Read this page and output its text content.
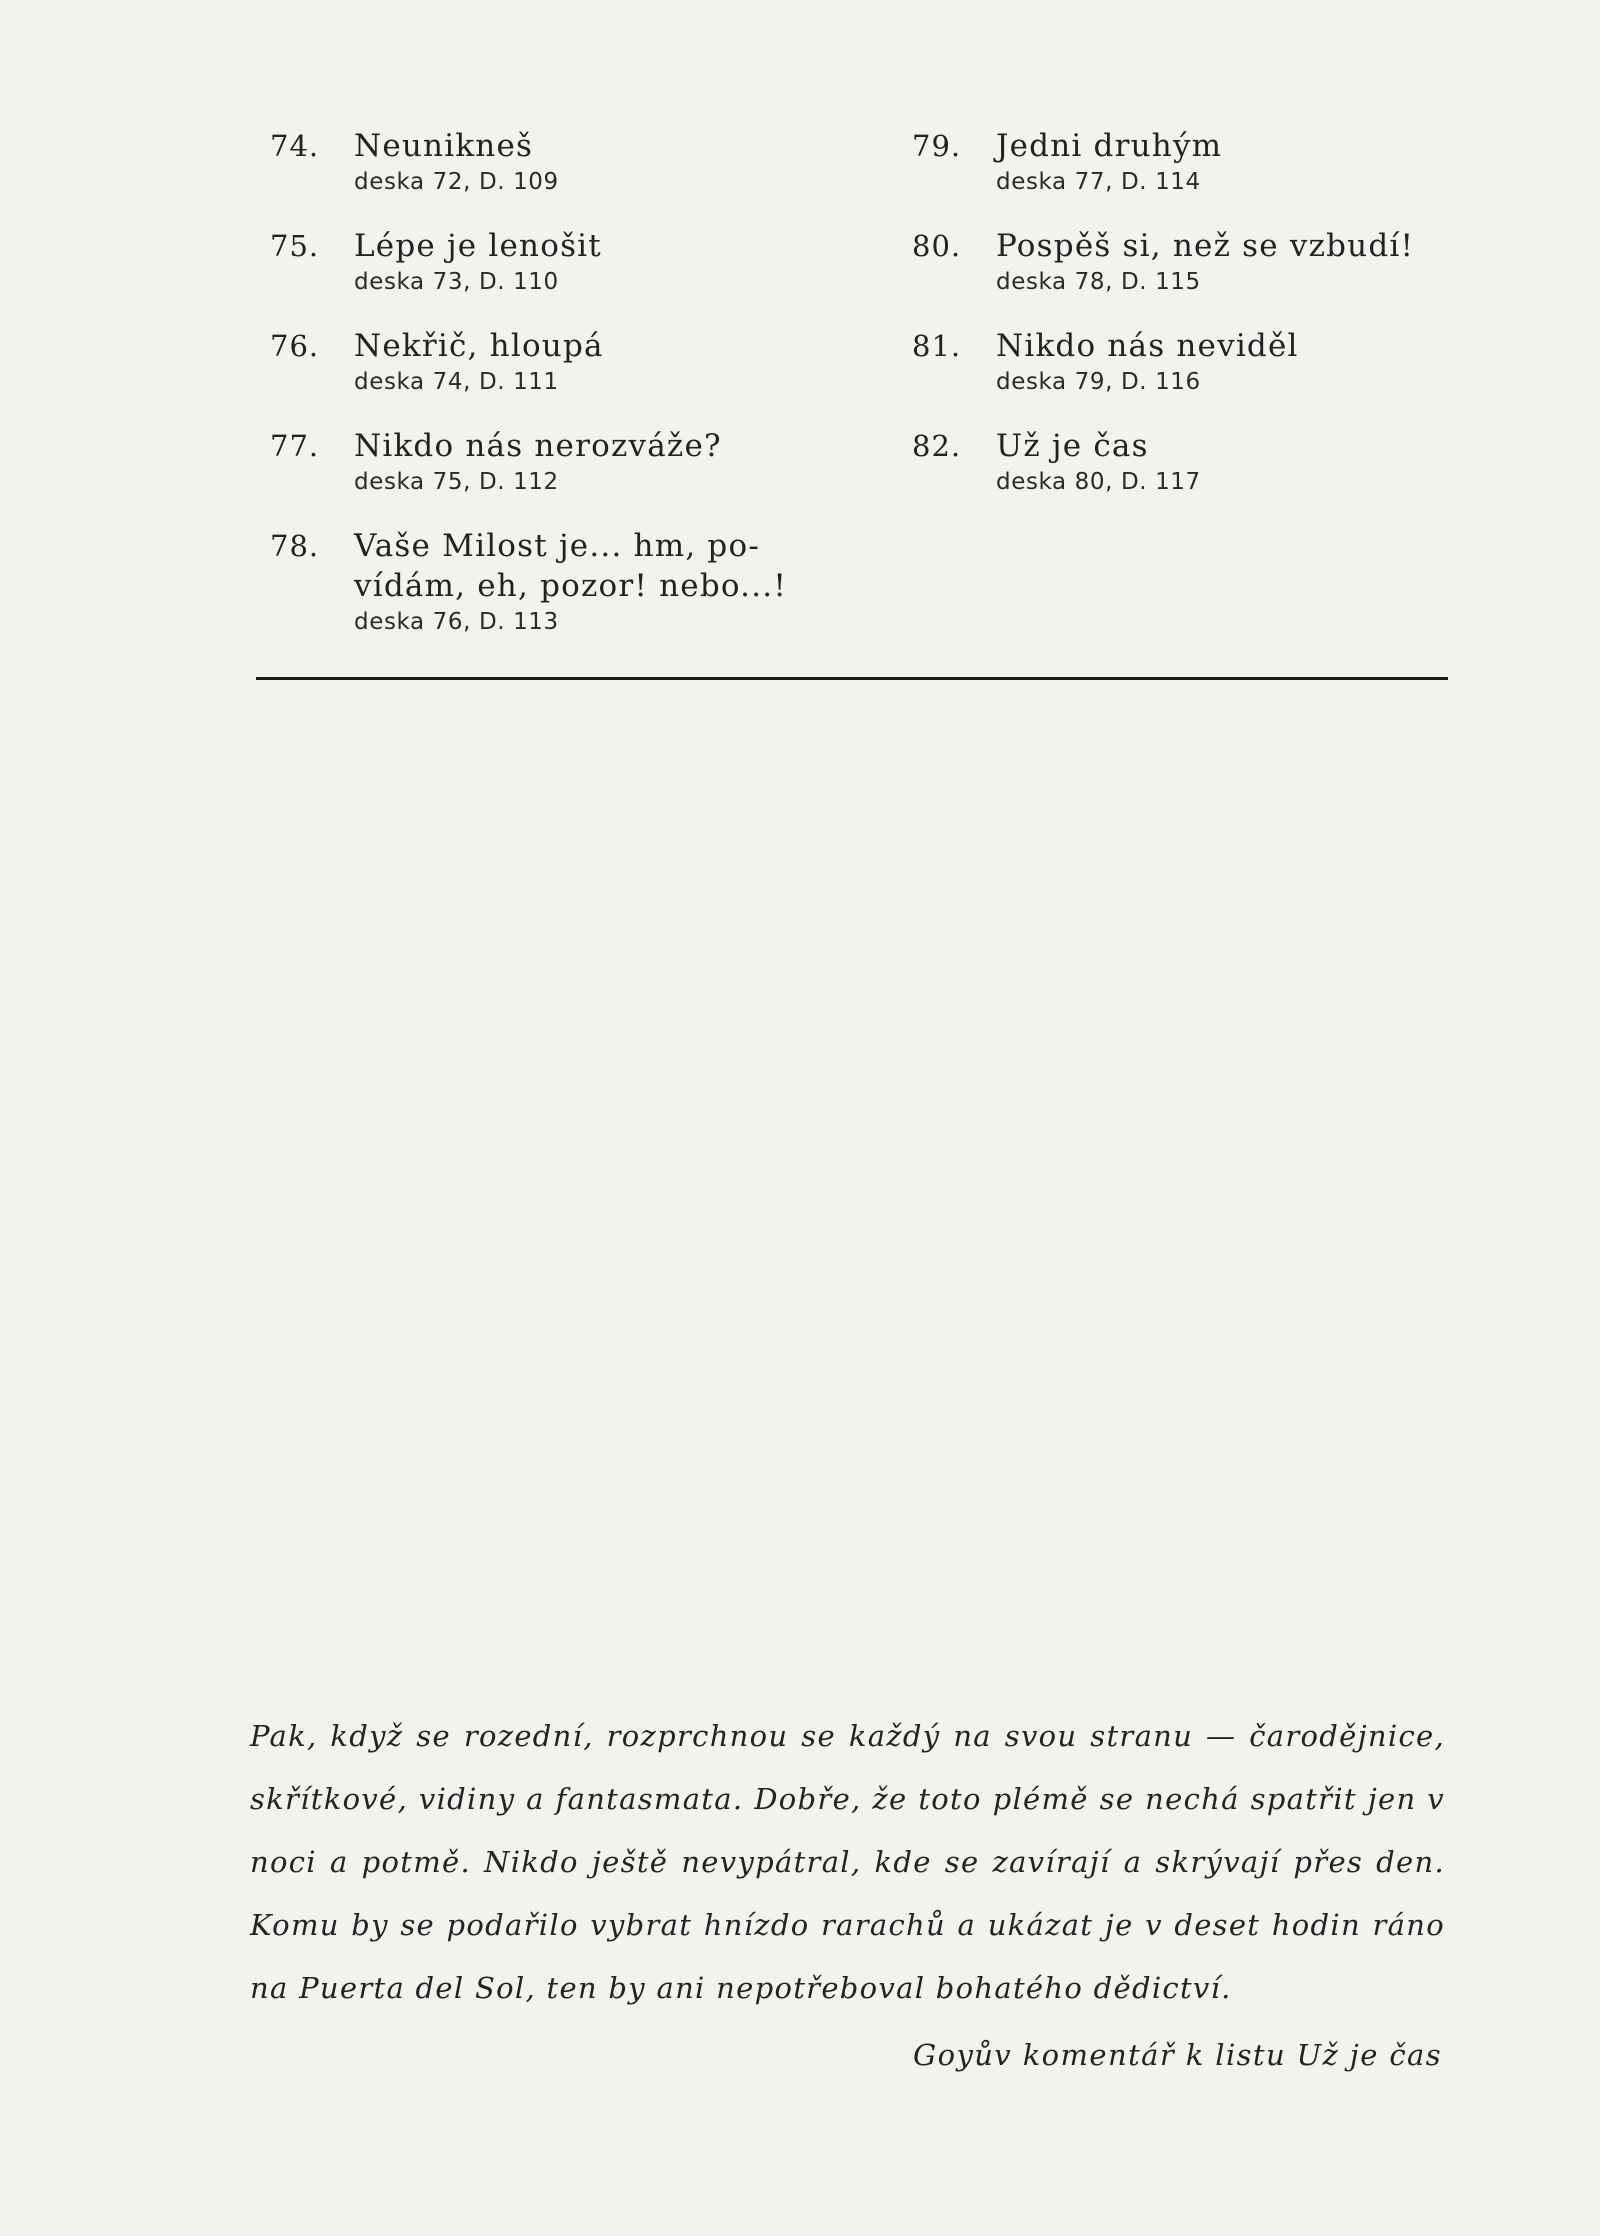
74. Neunikneš
deska 72, D. 109
75. Lépe je lenošit
deska 73, D. 110
76. Nekřič, hloupá
deska 74, D. 111
77. Nikdo nás nerozváže?
deska 75, D. 112
78. Vaše Milost je... hm, po-
vídám, eh, pozor! nebo...!
deska 76, D. 113
79. Jedni druhým
deska 77, D. 114
80. Pospěš si, než se vzbudí!
deska 78, D. 115
81. Nikdo nás neviděl
deska 79, D. 116
82. Už je čas
deska 80, D. 117

Pak, když se rozední, rozprchnou se každý na svou stranu — čarodějnice, skřítkové, vidiny a fantasmata. Dobře, že toto plémě se nechá spatřit jen v noci a potmě. Nikdo ještě nevypátral, kde se zavírají a skrývají přes den. Komu by se podařilo vybrat hnízdo rarachů a ukázat je v deset hodin ráno na Puerta del Sol, ten by ani nepotřeboval bohatého dědictví.

Goyův komentář k listu Už je čas
